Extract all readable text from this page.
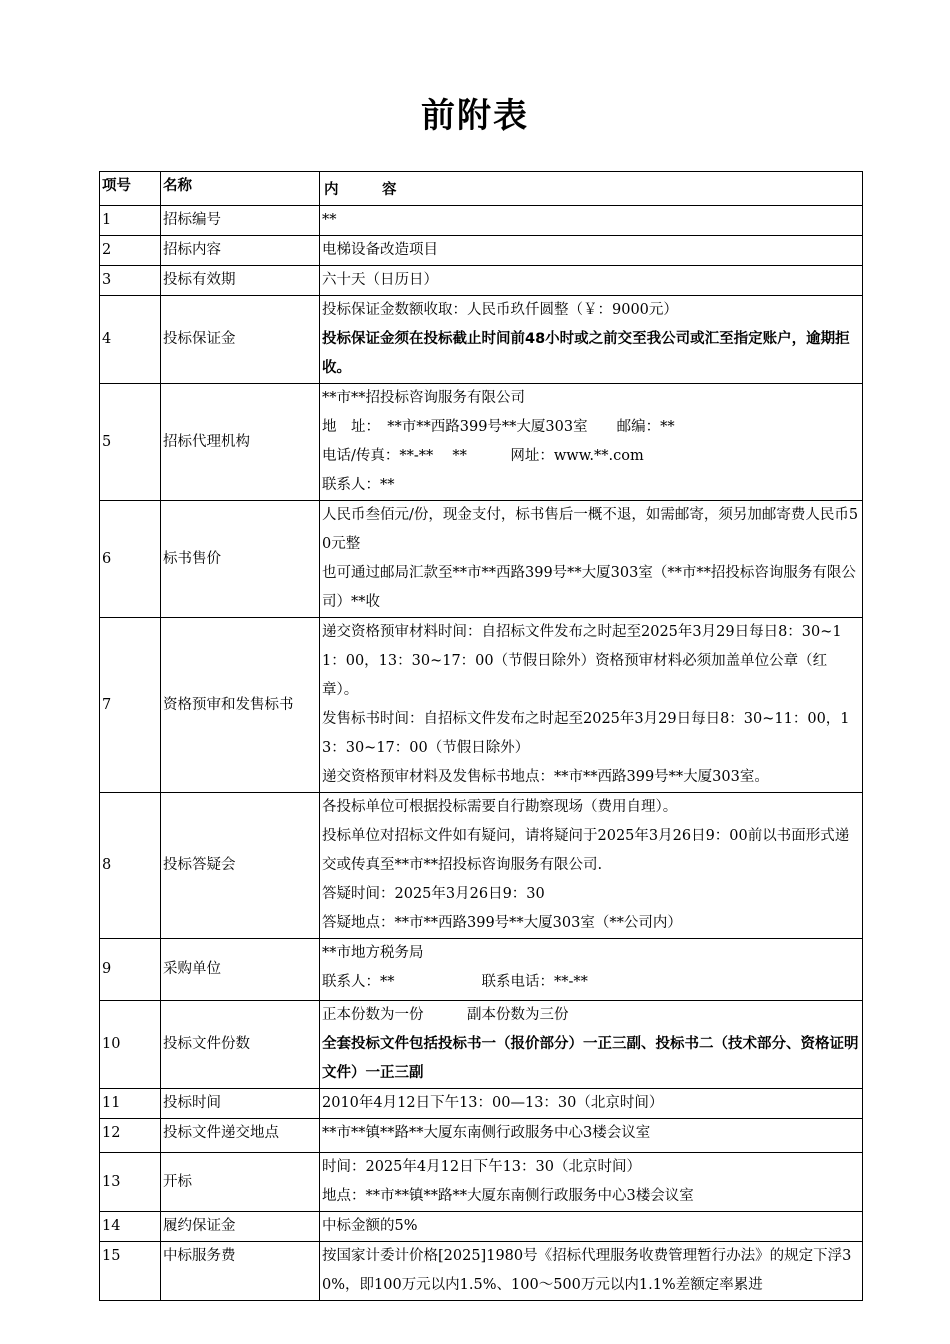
前附表
项号	名称	内　　　容

1	招标编号	**

2	招标内容	电梯设备改造项目

3	投标有效期	六十天（日历日）

4	投标保证金	投标保证金数额收取：人民币玖仟圆整（￥：9000元）
投标保证金须在投标截止时间前48小时或之前交至我公司或汇至指定账户，逾期拒收。

5	招标代理机构	**市**招投标咨询服务有限公司
地　址：　**市**西路399号**大厦303室　　邮编：**
电话/传真：**-**　 **　　　网址：www.**.com
联系人：**

6	标书售价	人民币叁佰元/份，现金支付，标书售后一概不退，如需邮寄，须另加邮寄费人民币50元整
也可通过邮局汇款至**市**西路399号**大厦303室（**市**招投标咨询服务有限公司）**收

7	资格预审和发售标书	递交资格预审材料时间：自招标文件发布之时起至2025年3月29日每日8：30~11：00，13：30~17：00（节假日除外）资格预审材料必须加盖单位公章（红章）。
发售标书时间：自招标文件发布之时起至2025年3月29日每日8：30~11：00，13：30~17：00（节假日除外）
递交资格预审材料及发售标书地点：**市**西路399号**大厦303室。

8	投标答疑会	各投标单位可根据投标需要自行勘察现场（费用自理）。
投标单位对招标文件如有疑问，请将疑问于2025年3月26日9：00前以书面形式递交或传真至**市**招投标咨询服务有限公司.
答疑时间：2025年3月26日9：30
答疑地点：**市**西路399号**大厦303室（**公司内）

9	采购单位	**市地方税务局
联系人：**　　　　　　联系电话：**-**

10	投标文件份数	正本份数为一份　　　副本份数为三份
全套投标文件包括投标书一（报价部分）一正三副、投标书二（技术部分、资格证明文件）一正三副

11	投标时间	2010年4月12日下午13：00—13：30（北京时间）

12	投标文件递交地点	**市**镇**路**大厦东南侧行政服务中心3楼会议室

13	开标	时间：2025年4月12日下午13：30（北京时间）
地点：**市**镇**路**大厦东南侧行政服务中心3楼会议室

14	履约保证金	中标金额的5%

15	中标服务费	按国家计委计价格[2025]1980号《招标代理服务收费管理暂行办法》的规定下浮30%，即100万元以内1.5%、100～500万元以内1.1%差额定率累进
